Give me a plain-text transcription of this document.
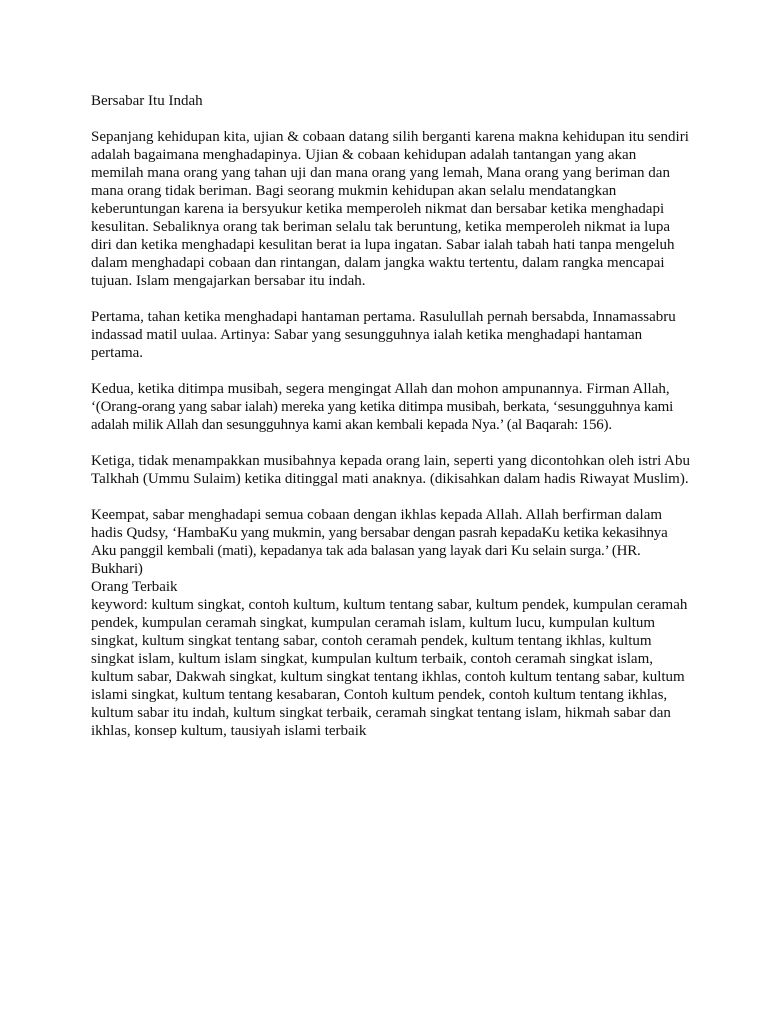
Bersabar Itu Indah

Sepanjang kehidupan kita, ujian & cobaan datang silih berganti karena makna kehidupan itu sendiri adalah bagaimana menghadapinya. Ujian & cobaan kehidupan adalah tantangan yang akan memilah mana orang yang tahan uji dan mana orang yang lemah, Mana orang yang beriman dan mana orang tidak beriman. Bagi seorang mukmin kehidupan akan selalu mendatangkan keberuntungan karena ia bersyukur ketika memperoleh nikmat dan bersabar ketika menghadapi kesulitan. Sebaliknya orang tak beriman selalu tak beruntung, ketika memperoleh nikmat ia lupa diri dan ketika menghadapi kesulitan berat ia lupa ingatan. Sabar ialah tabah hati tanpa mengeluh dalam menghadapi cobaan dan rintangan, dalam jangka waktu tertentu, dalam rangka mencapai tujuan. Islam mengajarkan bersabar itu indah.

Pertama, tahan ketika menghadapi hantaman pertama. Rasulullah pernah bersabda, Innamassabru indassad matil uulaa. Artinya: Sabar yang sesungguhnya ialah ketika menghadapi hantaman pertama.

Kedua, ketika ditimpa musibah, segera mengingat Allah dan mohon ampunannya. Firman Allah, ‘(Orang-orang yang sabar ialah) mereka yang ketika ditimpa musibah, berkata, ‘sesungguhnya kami adalah milik Allah dan sesungguhnya kami akan kembali kepada Nya.’ (al Baqarah: 156).

Ketiga, tidak menampakkan musibahnya kepada orang lain, seperti yang dicontohkan oleh istri Abu Talkhah (Ummu Sulaim) ketika ditinggal mati anaknya. (dikisahkan dalam hadis Riwayat Muslim).

Keempat, sabar menghadapi semua cobaan dengan ikhlas kepada Allah. Allah berfirman dalam hadis Qudsy, ‘HambaKu yang mukmin, yang bersabar dengan pasrah kepadaKu ketika kekasihnya Aku panggil kembali (mati), kepadanya tak ada balasan yang layak dari Ku selain surga.’ (HR. Bukhari)

Orang Terbaik

keyword: kultum singkat, contoh kultum, kultum tentang sabar, kultum pendek, kumpulan ceramah pendek, kumpulan ceramah singkat, kumpulan ceramah islam, kultum lucu, kumpulan kultum singkat, kultum singkat tentang sabar, contoh ceramah pendek, kultum tentang ikhlas, kultum singkat islam, kultum islam singkat, kumpulan kultum terbaik, contoh ceramah singkat islam, kultum sabar, Dakwah singkat, kultum singkat tentang ikhlas, contoh kultum tentang sabar, kultum islami singkat, kultum tentang kesabaran, Contoh kultum pendek, contoh kultum tentang ikhlas, kultum sabar itu indah, kultum singkat terbaik, ceramah singkat tentang islam, hikmah sabar dan ikhlas, konsep kultum, tausiyah islami terbaik
